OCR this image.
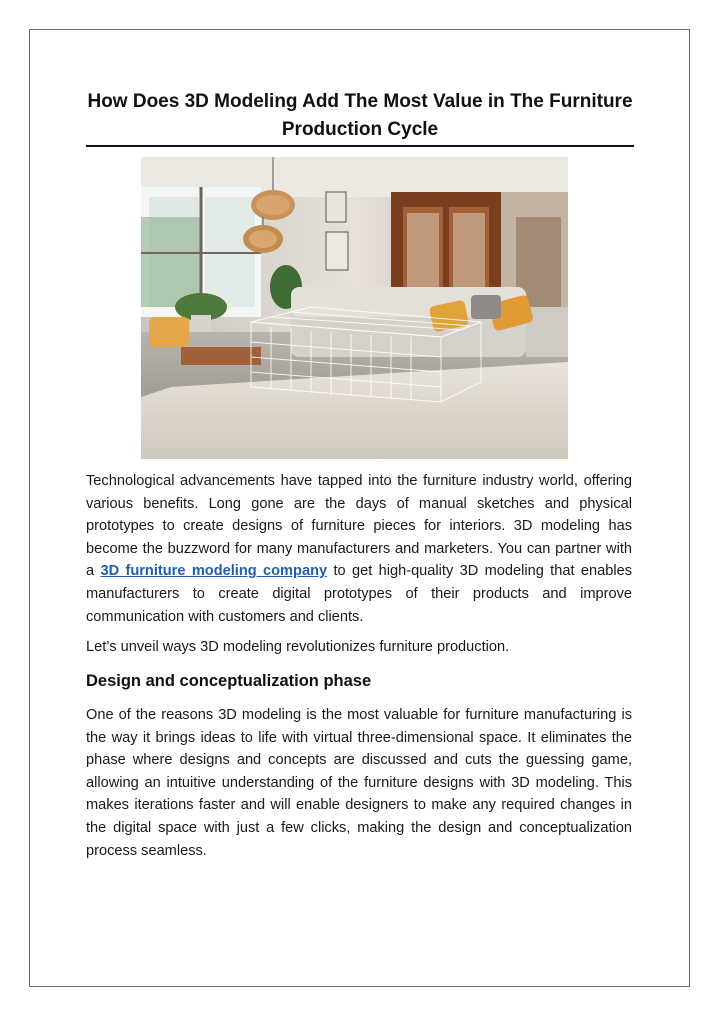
How Does 3D Modeling Add The Most Value in The Furniture Production Cycle

Technological advancements have tapped into the furniture industry world, offering various benefits. Long gone are the days of manual sketches and physical prototypes to create designs of furniture pieces for interiors. 3D modeling has become the buzzword for many manufacturers and marketers. You can partner with a 3D furniture modeling company to get high-quality 3D modeling that enables manufacturers to create digital prototypes of their products and improve communication with customers and clients.

Let’s unveil ways 3D modeling revolutionizes furniture production.

Design and conceptualization phase

One of the reasons 3D modeling is the most valuable for furniture manufacturing is the way it brings ideas to life with virtual three-dimensional space. It eliminates the phase where designs and concepts are discussed and cuts the guessing game, allowing an intuitive understanding of the furniture designs with 3D modeling. This makes iterations faster and will enable designers to make any required changes in the digital space with just a few clicks, making the design and conceptualization process seamless.
